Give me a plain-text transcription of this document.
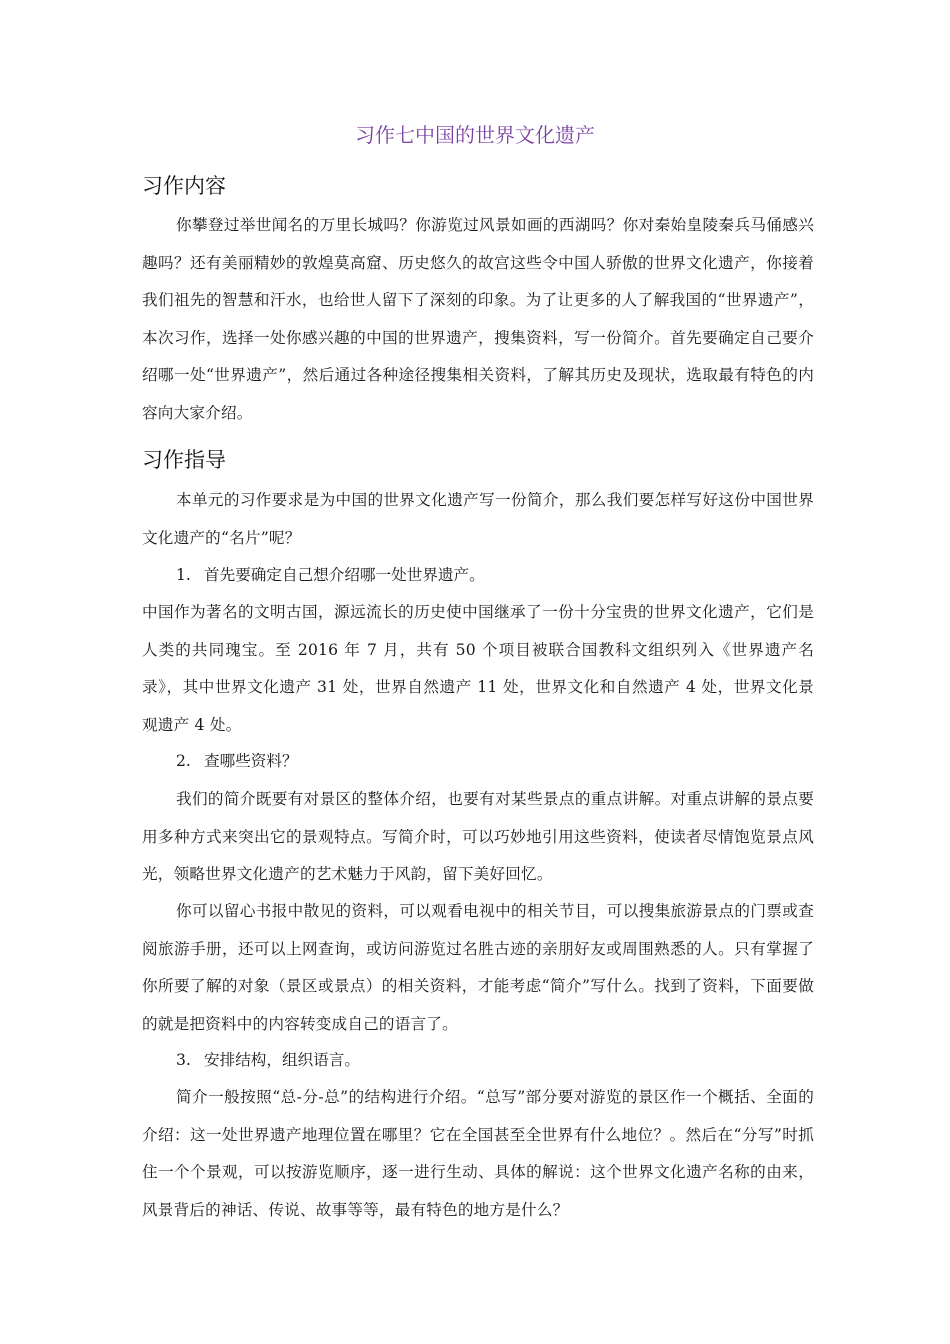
习作七中国的世界文化遗产
习作内容
你攀登过举世闻名的万里长城吗？你游览过风景如画的西湖吗？你对秦始皇陵秦兵马俑感兴趣吗？还有美丽精妙的敦煌莫高窟、历史悠久的故宫这些令中国人骄傲的世界文化遗产，你接着我们祖先的智慧和汗水，也给世人留下了深刻的印象。为了让更多的人了解我国的“世界遗产”，本次习作，选择一处你感兴趣的中国的世界遗产，搜集资料，写一份简介。首先要确定自己要介绍哪一处“世界遗产”，然后通过各种途径搜集相关资料，了解其历史及现状，选取最有特色的内容向大家介绍。
习作指导
本单元的习作要求是为中国的世界文化遗产写一份简介，那么我们要怎样写好这份中国世界文化遗产的“名片”呢？
1. 首先要确定自己想介绍哪一处世界遗产。
中国作为著名的文明古国，源远流长的历史使中国继承了一份十分宝贵的世界文化遗产，它们是人类的共同瑰宝。至 2016 年 7 月，共有 50 个项目被联合国教科文组织列入《世界遗产名录》，其中世界文化遗产 31 处，世界自然遗产 11 处，世界文化和自然遗产 4 处，世界文化景观遗产 4 处。
2. 查哪些资料？
我们的简介既要有对景区的整体介绍，也要有对某些景点的重点讲解。对重点讲解的景点要用多种方式来突出它的景观特点。写简介时，可以巧妙地引用这些资料，使读者尽情饱览景点风光，领略世界文化遗产的艺术魅力于风韵，留下美好回忆。
你可以留心书报中散见的资料，可以观看电视中的相关节目，可以搜集旅游景点的门票或查阅旅游手册，还可以上网查询，或访问游览过名胜古迹的亲朋好友或周围熟悉的人。只有掌握了你所要了解的对象（景区或景点）的相关资料，才能考虑“简介”写什么。找到了资料，下面要做的就是把资料中的内容转变成自己的语言了。
3. 安排结构，组织语言。
简介一般按照“总-分-总”的结构进行介绍。“总写”部分要对游览的景区作一个概括、全面的介绍：这一处世界遗产地理位置在哪里？它在全国甚至全世界有什么地位？。然后在“分写”时抓住一个个景观，可以按游览顺序，逐一进行生动、具体的解说：这个世界文化遗产名称的由来，风景背后的神话、传说、故事等等，最有特色的地方是什么？
